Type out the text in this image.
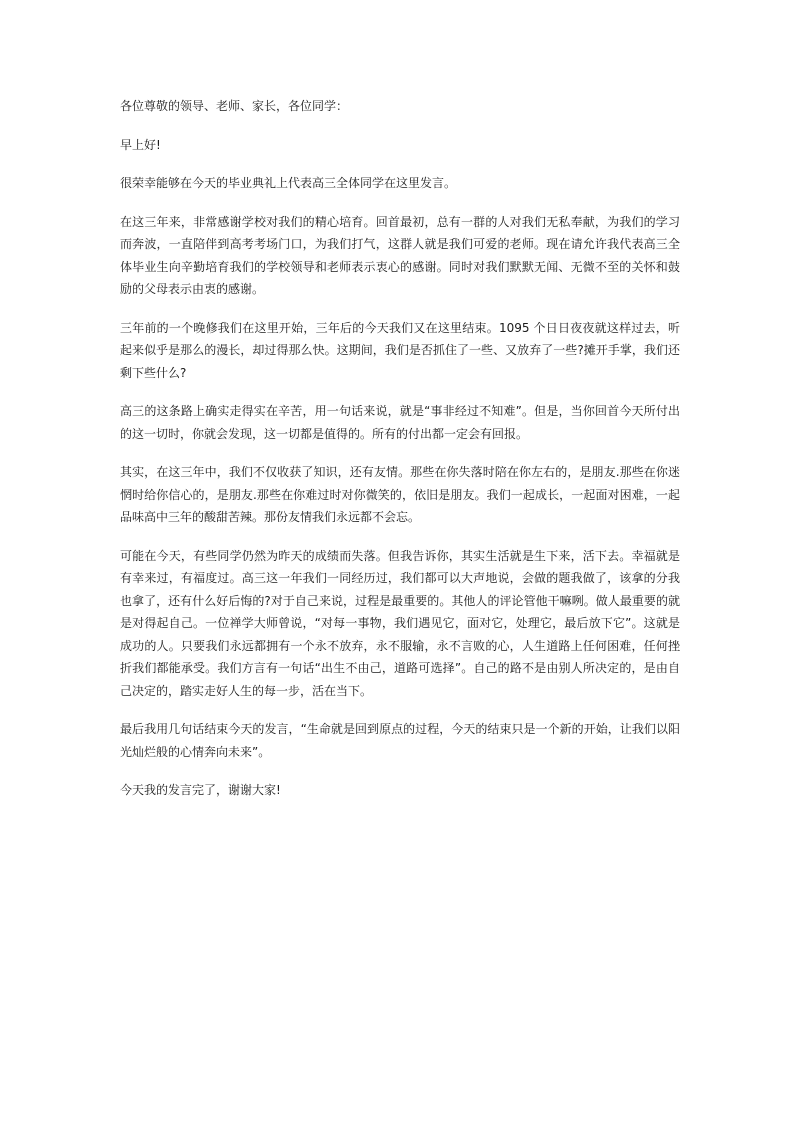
各位尊敬的领导、老师、家长，各位同学：

早上好!

很荣幸能够在今天的毕业典礼上代表高三全体同学在这里发言。

在这三年来，非常感谢学校对我们的精心培育。回首最初，总有一群的人对我们无私奉献，为我们的学习而奔波，一直陪伴到高考考场门口，为我们打气，这群人就是我们可爱的老师。现在请允许我代表高三全体毕业生向辛勤培育我们的学校领导和老师表示衷心的感谢。同时对我们默默无闻、无微不至的关怀和鼓励的父母表示由衷的感谢。

三年前的一个晚修我们在这里开始，三年后的今天我们又在这里结束。1095 个日日夜夜就这样过去，听起来似乎是那么的漫长，却过得那么快。这期间，我们是否抓住了一些、又放弃了一些?摊开手掌，我们还剩下些什么?

高三的这条路上确实走得实在辛苦，用一句话来说，就是“事非经过不知难”。但是，当你回首今天所付出的这一切时，你就会发现，这一切都是值得的。所有的付出都一定会有回报。

其实，在这三年中，我们不仅收获了知识，还有友情。那些在你失落时陪在你左右的，是朋友.那些在你迷惘时给你信心的，是朋友.那些在你难过时对你微笑的，依旧是朋友。我们一起成长，一起面对困难，一起品味高中三年的酸甜苦辣。那份友情我们永远都不会忘。

可能在今天，有些同学仍然为昨天的成绩而失落。但我告诉你，其实生活就是生下来，活下去。幸福就是有幸来过，有福度过。高三这一年我们一同经历过，我们都可以大声地说，会做的题我做了，该拿的分我也拿了，还有什么好后悔的?对于自己来说，过程是最重要的。其他人的评论管他干嘛咧。做人最重要的就是对得起自己。一位禅学大师曾说，“对每一事物，我们遇见它，面对它，处理它，最后放下它”。这就是成功的人。只要我们永远都拥有一个永不放弃，永不服输，永不言败的心，人生道路上任何困难，任何挫折我们都能承受。我们方言有一句话“出生不由己，道路可选择”。自己的路不是由别人所决定的，是由自己决定的，踏实走好人生的每一步，活在当下。

最后我用几句话结束今天的发言，“生命就是回到原点的过程，今天的结束只是一个新的开始，让我们以阳光灿烂般的心情奔向未来”。

今天我的发言完了，谢谢大家!
